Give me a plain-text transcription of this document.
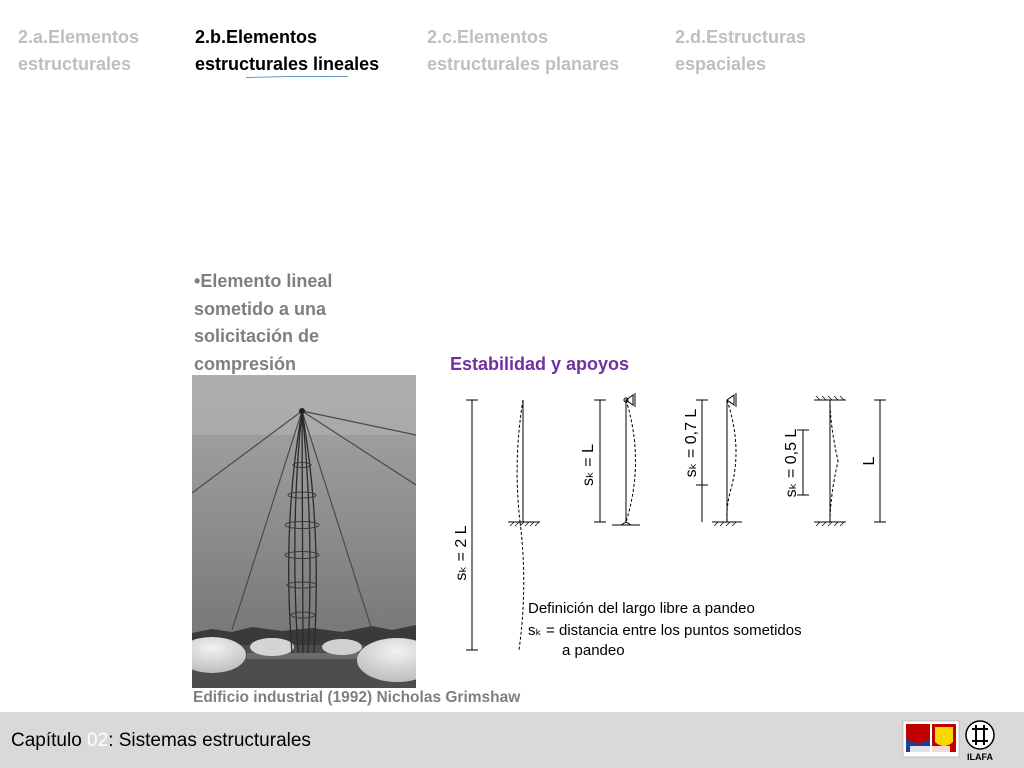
2.a.Elementos
estructurales
2.b.Elementos
estructurales lineales
2.c.Elementos
estructurales planares
2.d.Estructuras
espaciales
•Elemento lineal sometido a una solicitación de compresión
Edificio industrial (1992) Nicholas Grimshaw
Estabilidad y apoyos
sₖ = 2 L
sₖ = L	sₖ = 0,7 L	sₖ = 0,5 L	L
Definición del largo libre a pandeo
sₖ = distancia entre los puntos sometidos
a pandeo
Capítulo 02: Sistemas estructurales
ILAFA
